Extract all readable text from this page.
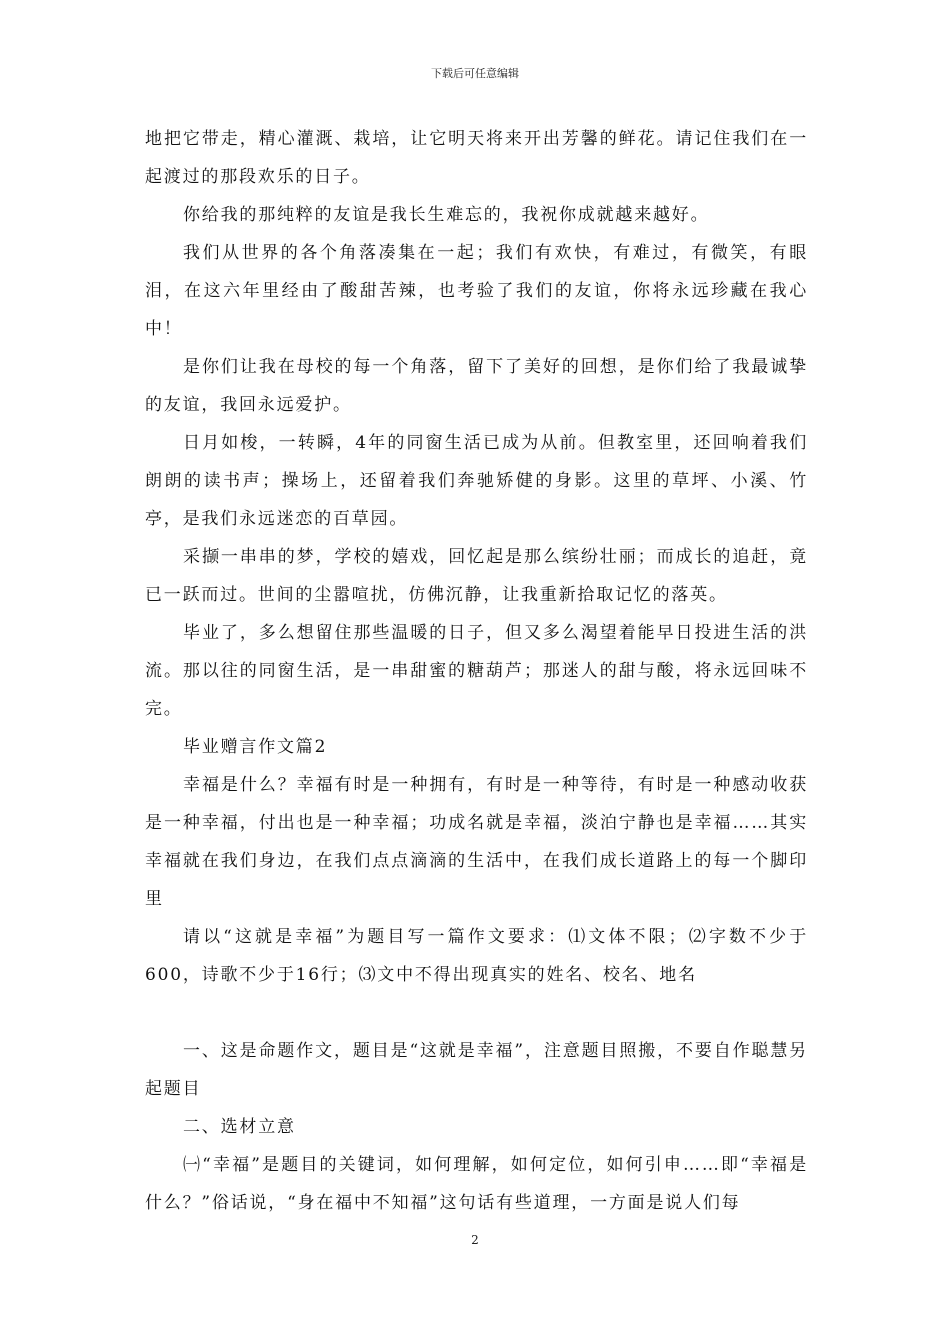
下载后可任意编辑

地把它带走，精心灌溉、栽培，让它明天将来开出芳馨的鲜花。请记住我们在一起渡过的那段欢乐的日子。

你给我的那纯粹的友谊是我长生难忘的，我祝你成就越来越好。

我们从世界的各个角落凑集在一起；我们有欢快，有难过，有微笑，有眼泪，在这六年里经由了酸甜苦辣，也考验了我们的友谊，你将永远珍藏在我心中！

是你们让我在母校的每一个角落，留下了美好的回想，是你们给了我最诚挚的友谊，我回永远爱护。

日月如梭，一转瞬，4年的同窗生活已成为从前。但教室里，还回响着我们朗朗的读书声；操场上，还留着我们奔驰矫健的身影。这里的草坪、小溪、竹亭，是我们永远迷恋的百草园。

采撷一串串的梦，学校的嬉戏，回忆起是那么缤纷壮丽；而成长的追赶，竟已一跃而过。世间的尘嚣喧扰，仿佛沉静，让我重新拾取记忆的落英。

毕业了，多么想留住那些温暖的日子，但又多么渴望着能早日投进生活的洪流。那以往的同窗生活，是一串甜蜜的糖葫芦；那迷人的甜与酸，将永远回味不完。

毕业赠言作文篇2

幸福是什么？幸福有时是一种拥有，有时是一种等待，有时是一种感动收获是一种幸福，付出也是一种幸福；功成名就是幸福，淡泊宁静也是幸福……其实幸福就在我们身边，在我们点点滴滴的生活中，在我们成长道路上的每一个脚印里

请以“这就是幸福”为题目写一篇作文要求：⑴文体不限；⑵字数不少于600，诗歌不少于16行；⑶文中不得出现真实的姓名、校名、地名

一、这是命题作文，题目是“这就是幸福”，注意题目照搬，不要自作聪慧另起题目

二、选材立意

㈠“幸福”是题目的关键词，如何理解，如何定位，如何引申……即“幸福是什么？”俗话说，“身在福中不知福”这句话有些道理，一方面是说人们每

2
